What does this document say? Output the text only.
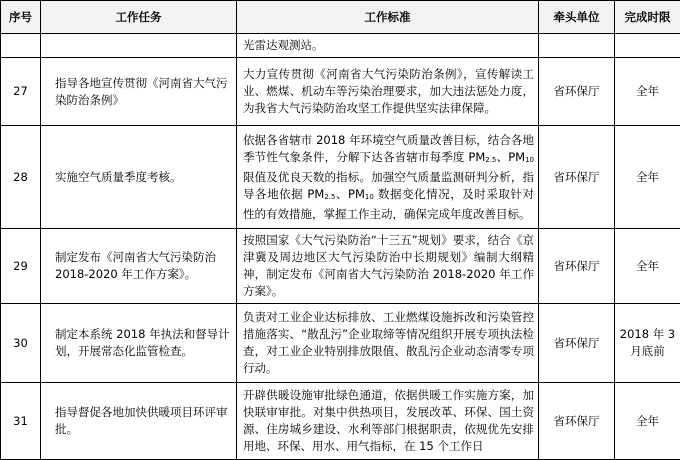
序号	工作任务	工作标准	牵头单位	完成时限
		光雷达观测站。		
27	指导各地宣传贯彻《河南省大气污染防治条例》	大力宣传贯彻《河南省大气污染防治条例》，宣传解读工业、燃煤、机动车等污染治理要求，加大违法惩处力度，为我省大气污染防治攻坚工作提供坚实法律保障。	省环保厅	全年
28	实施空气质量季度考核。	依据各省辖市 2018 年环境空气质量改善目标，结合各地季节性气象条件，分解下达各省辖市每季度 PM2.5、PM10 限值及优良天数的指标。加强空气质量监测研判分析，指导各地依据 PM2.5、PM10 数据变化情况，及时采取针对性的有效措施，掌握工作主动，确保完成年度改善目标。	省环保厅	全年
29	制定发布《河南省大气污染防治 2018-2020 年工作方案》。	按照国家《大气污染防治“十三五”规划》要求，结合《京津冀及周边地区大气污染防治中长期规划》编制大纲精神，制定发布《河南省大气污染防治 2018-2020 年工作方案》。	省环保厅	全年
30	制定本系统 2018 年执法和督导计划，开展常态化监管检查。	负责对工业企业达标排放、工业燃煤设施拆改和污染管控措施落实、“散乱污”企业取缔等情况组织开展专项执法检查，对工业企业特别排放限值、散乱污企业动态清零专项行动。	省环保厅	2018 年 3 月底前
31	指导督促各地加快供暖项目环评审批。	开辟供暖设施审批绿色通道，依据供暖工作实施方案，加快联审审批。对集中供热项目，发展改革、环保、国土资源、住房城乡建设、水利等部门根据职责，依规优先安排用地、环保、用水、用气指标，在 15 个工作日	省环保厅	全年
